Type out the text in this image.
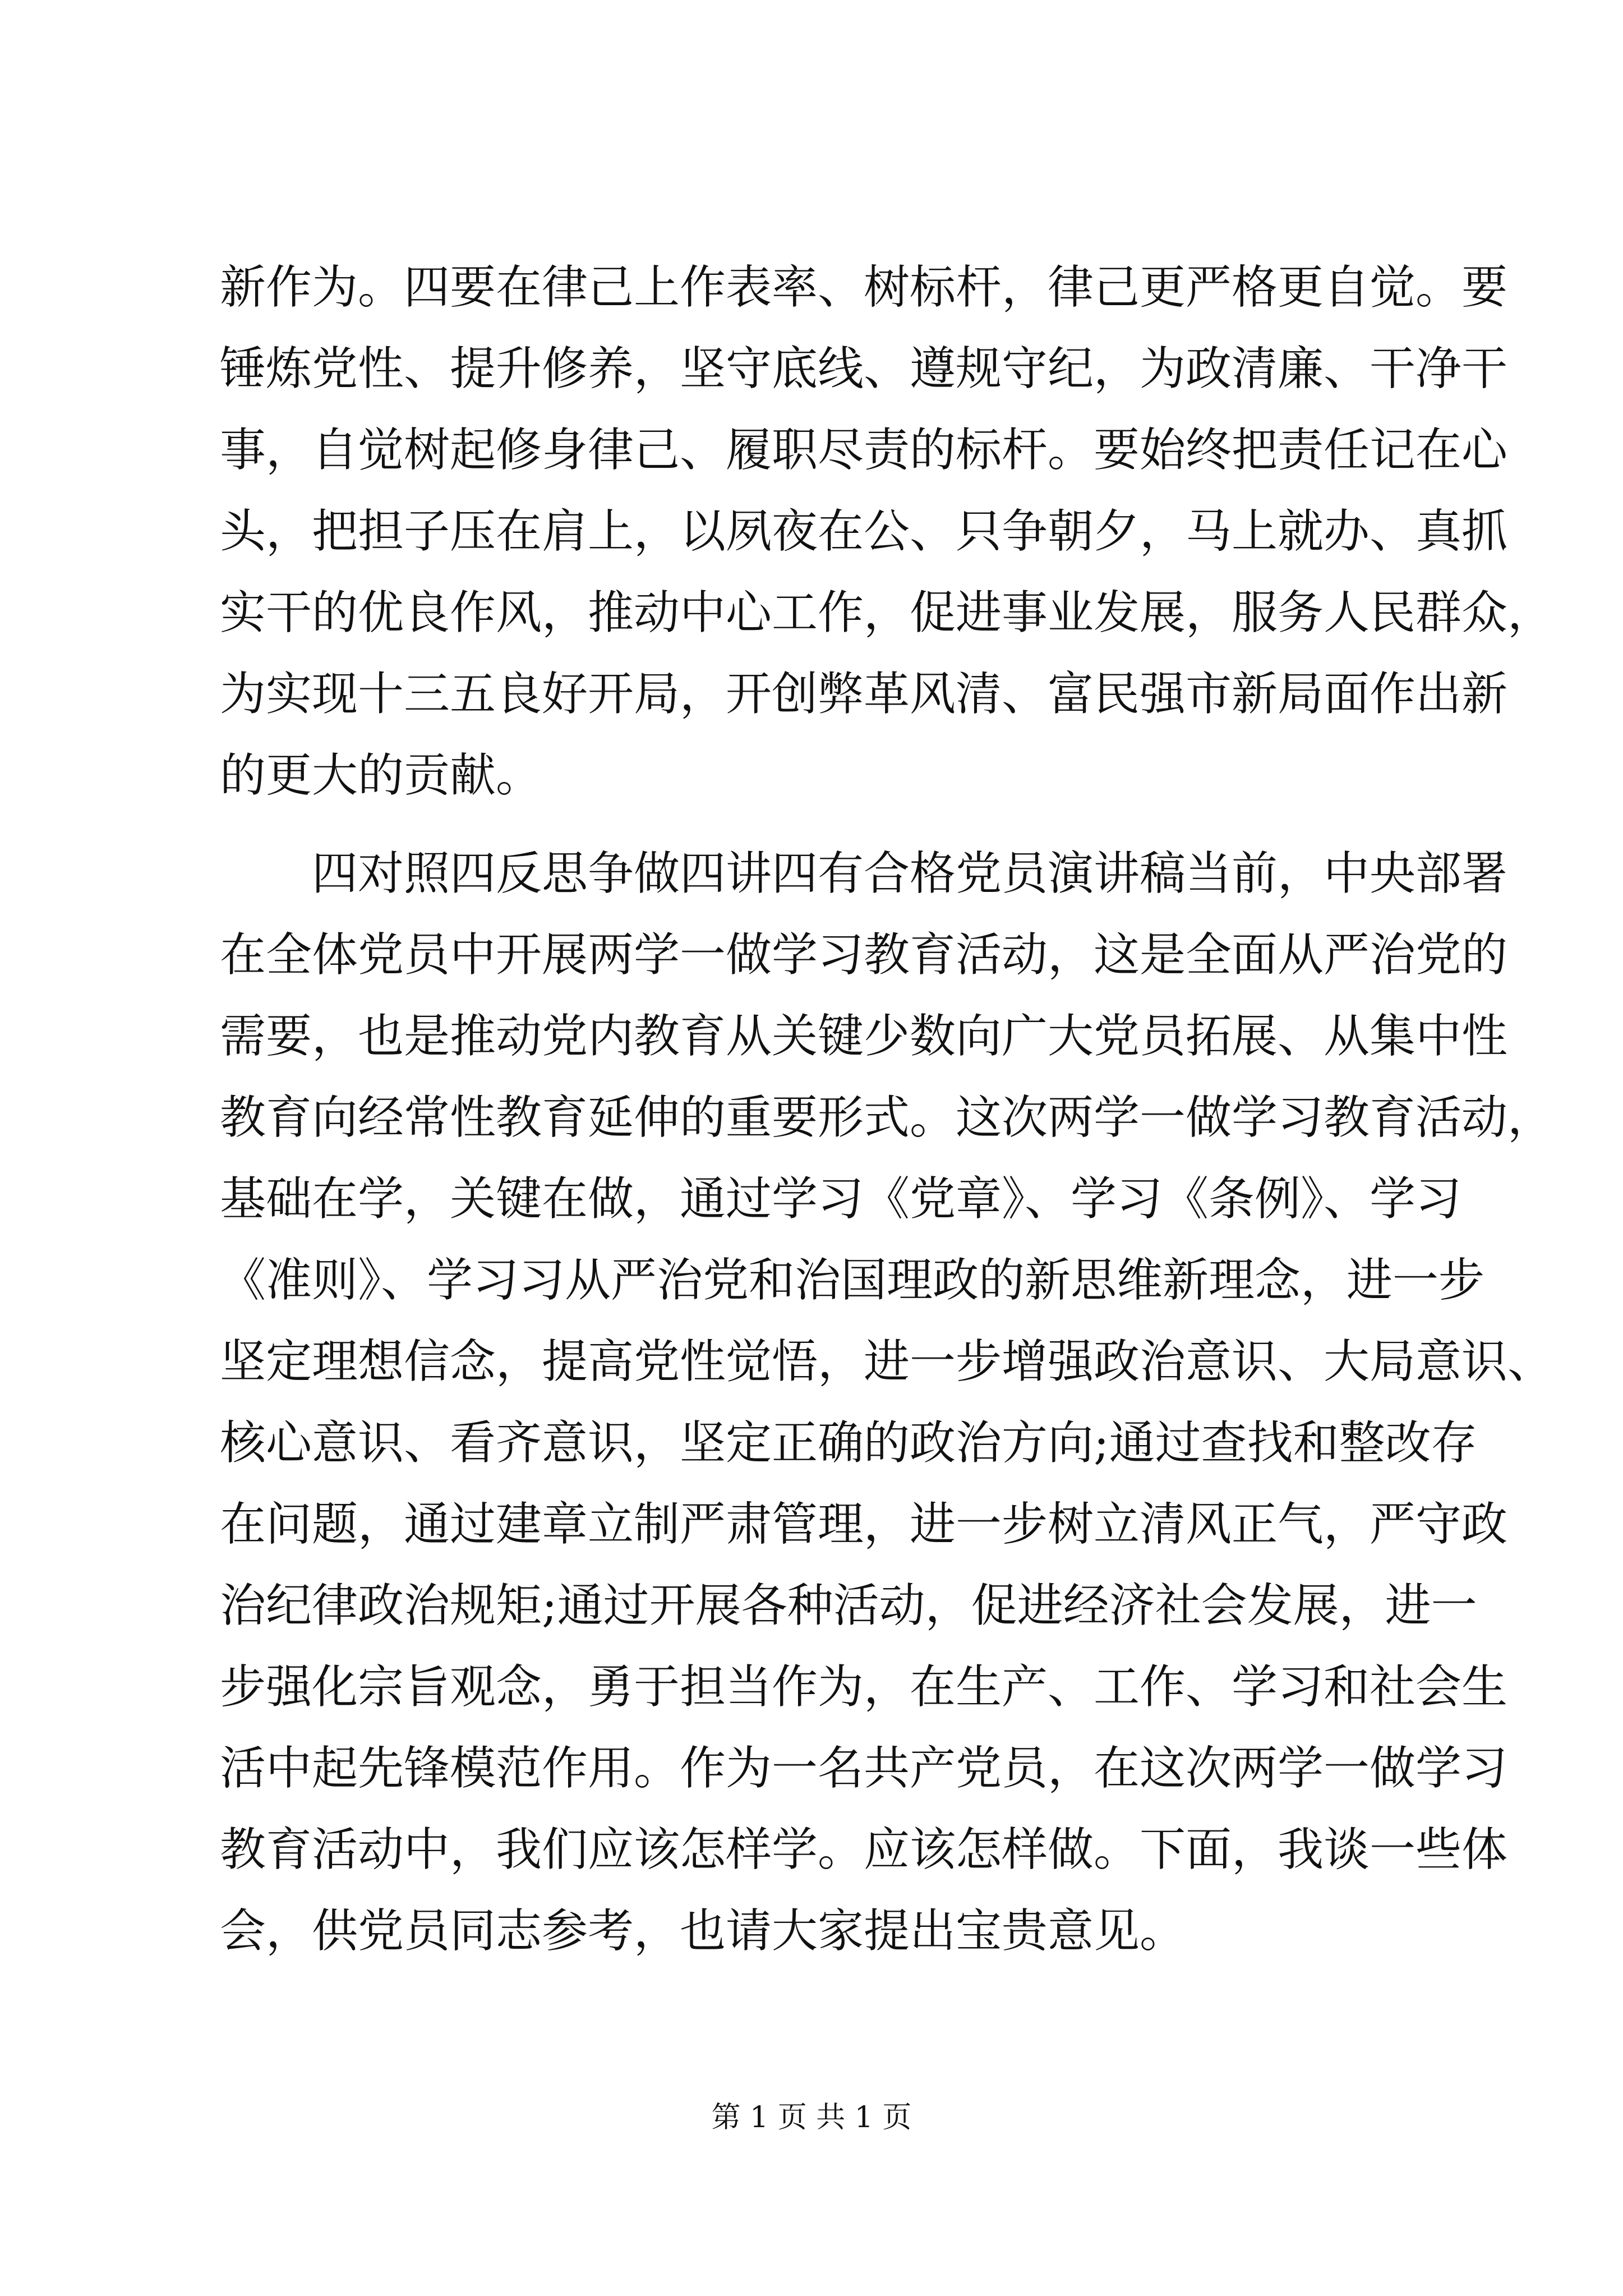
新作为。四要在律己上作表率、树标杆，律己更严格更自觉。要
锤炼党性、提升修养，坚守底线、遵规守纪，为政清廉、干净干
事，自觉树起修身律己、履职尽责的标杆。要始终把责任记在心
头，把担子压在肩上，以夙夜在公、只争朝夕，马上就办、真抓
实干的优良作风，推动中心工作，促进事业发展，服务人民群众，
为实现十三五良好开局，开创弊革风清、富民强市新局面作出新
的更大的贡献。
四对照四反思争做四讲四有合格党员演讲稿当前，中央部署
在全体党员中开展两学一做学习教育活动，这是全面从严治党的
需要，也是推动党内教育从关键少数向广大党员拓展、从集中性
教育向经常性教育延伸的重要形式。这次两学一做学习教育活动，
基础在学，关键在做，通过学习《党章》、学习《条例》、学习
《准则》、学习习从严治党和治国理政的新思维新理念，进一步
坚定理想信念，提高党性觉悟，进一步增强政治意识、大局意识、
核心意识、看齐意识，坚定正确的政治方向;通过查找和整改存
在问题，通过建章立制严肃管理，进一步树立清风正气，严守政
治纪律政治规矩;通过开展各种活动，促进经济社会发展，进一
步强化宗旨观念，勇于担当作为，在生产、工作、学习和社会生
活中起先锋模范作用。作为一名共产党员，在这次两学一做学习
教育活动中，我们应该怎样学。应该怎样做。下面，我谈一些体
会，供党员同志参考，也请大家提出宝贵意见。
第 1 页 共 1 页
